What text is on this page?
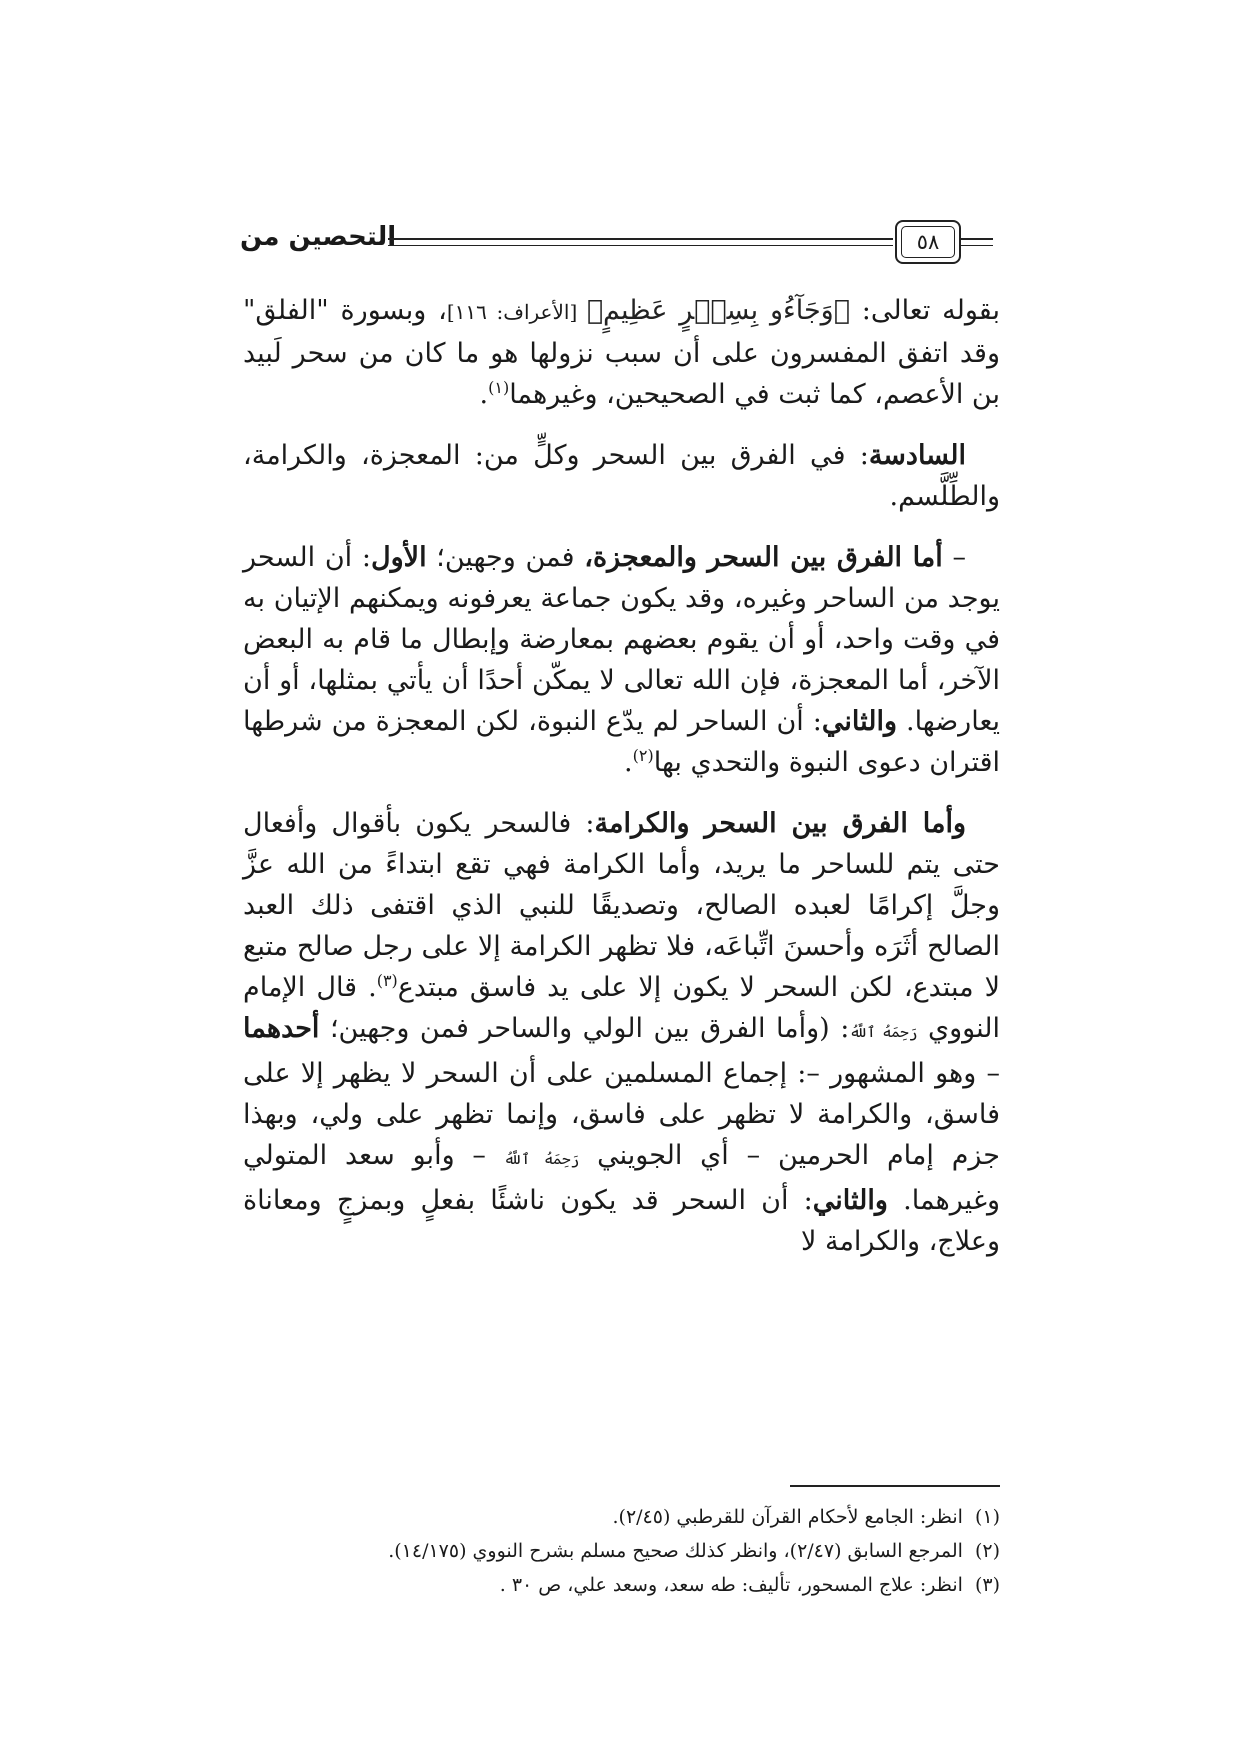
التحصين من	٥٨

بقوله تعالى: ﴿وَجَآءُو بِسِحۡرٍ عَظِيمٍ﴾ [الأعراف: ١١٦]، وبسورة "الفلق" وقد اتفق المفسرون على أن سبب نزولها هو ما كان من سحر لَبيد بن الأعصم، كما ثبت في الصحيحين، وغيرهما$^{(١)}$.

السادسة: في الفرق بين السحر وكلٍّ من: المعجزة، والكرامة، والطِّلَّسم.

– أما الفرق بين السحر والمعجزة، فمن وجهين؛ الأول: أن السحر يوجد من الساحر وغيره، وقد يكون جماعة يعرفونه ويمكنهم الإتيان به في وقت واحد، أو أن يقوم بعضهم بمعارضة وإبطال ما قام به البعض الآخر، أما المعجزة، فإن الله تعالى لا يمكّن أحدًا أن يأتي بمثلها، أو أن يعارضها. والثاني: أن الساحر لم يدّع النبوة، لكن المعجزة من شرطها اقتران دعوى النبوة والتحدي بها$^{(٢)}$.

وأما الفرق بين السحر والكرامة: فالسحر يكون بأقوال وأفعال حتى يتم للساحر ما يريد، وأما الكرامة فهي تقع ابتداءً من الله عزَّ وجلَّ إكرامًا لعبده الصالح، وتصديقًا للنبي الذي اقتفى ذلك العبد الصالح أثَرَه وأحسنَ اتِّباعَه، فلا تظهر الكرامة إلا على رجل صالح متبع لا مبتدع، لكن السحر لا يكون إلا على يد فاسق مبتدع$^{(٣)}$. قال الإمام النووي رَحِمَهُ ٱللَّهُ: (وأما الفرق بين الولي والساحر فمن وجهين؛ أحدهما – وهو المشهور –: إجماع المسلمين على أن السحر لا يظهر إلا على فاسق، والكرامة لا تظهر على فاسق، وإنما تظهر على ولي، وبهذا جزم إمام الحرمين – أي الجويني رَحِمَهُ ٱللَّهُ – وأبو سعد المتولي وغيرهما. والثاني: أن السحر قد يكون ناشئًا بفعلٍ وبمزجٍ ومعاناة وعلاج، والكرامة لا

(١)انظر: الجامع لأحكام القرآن للقرطبي (٢/٤٥).
(٢)المرجع السابق (٢/٤٧)، وانظر كذلك صحيح مسلم بشرح النووي (١٤/١٧٥).
(٣)انظر: علاج المسحور، تأليف: طه سعد، وسعد علي، ص ٣٠ .
